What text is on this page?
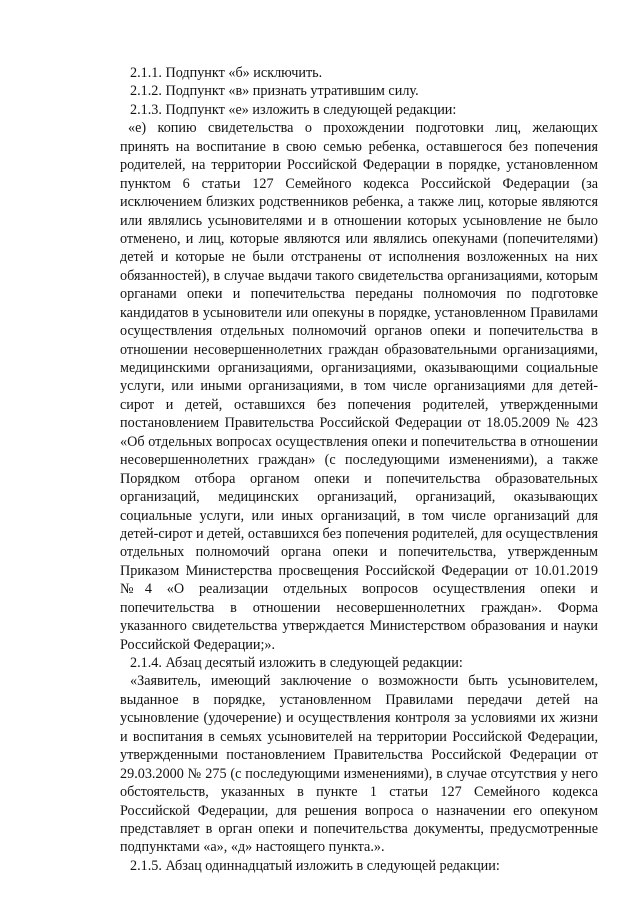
2.1.1. Подпункт «б» исключить.
2.1.2. Подпункт «в» признать утратившим силу.
2.1.3. Подпункт «е» изложить в следующей редакции:
«е) копию свидетельства о прохождении подготовки лиц, желающих
принять на воспитание в свою семью ребенка, оставшегося без попечения
родителей, на территории Российской Федерации в порядке, установленном
пунктом 6 статьи 127 Семейного кодекса Российской Федерации (за
исключением близких родственников ребенка, а также лиц, которые являются
или являлись усыновителями и в отношении которых усыновление не было
отменено, и лиц, которые являются или являлись опекунами (попечителями)
детей и которые не были отстранены от исполнения возложенных на них
обязанностей), в случае выдачи такого свидетельства организациями, которым
органами опеки и попечительства переданы полномочия по подготовке
кандидатов в усыновители или опекуны в порядке, установленном Правилами
осуществления отдельных полномочий органов опеки и попечительства в
отношении несовершеннолетних граждан образовательными организациями,
медицинскими организациями, организациями, оказывающими социальные
услуги, или иными организациями, в том числе организациями для детей-
сирот и детей, оставшихся без попечения родителей, утвержденными
постановлением Правительства Российской Федерации от 18.05.2009 № 423
«Об отдельных вопросах осуществления опеки и попечительства в отношении
несовершеннолетних граждан» (с последующими изменениями), а также
Порядком отбора органом опеки и попечительства образовательных
организаций, медицинских организаций, организаций, оказывающих
социальные услуги, или иных организаций, в том числе организаций для
детей-сирот и детей, оставшихся без попечения родителей, для осуществления
отдельных полномочий органа опеки и попечительства, утвержденным
Приказом Министерства просвещения Российской Федерации от 10.01.2019
№4 «О реализации отдельных вопросов осуществления опеки и
попечительства в отношении несовершеннолетних граждан». Форма
указанного свидетельства утверждается Министерством образования и науки
Российской Федерации;».
2.1.4. Абзац десятый изложить в следующей редакции:
«Заявитель, имеющий заключение о возможности быть усыновителем,
выданное в порядке, установленном Правилами передачи детей на
усыновление (удочерение) и осуществления контроля за условиями их жизни
и воспитания в семьях усыновителей на территории Российской Федерации,
утвержденными постановлением Правительства Российской Федерации от
29.03.2000 № 275 (с последующими изменениями), в случае отсутствия у него
обстоятельств, указанных в пункте 1 статьи 127 Семейного кодекса
Российской Федерации, для решения вопроса о назначении его опекуном
представляет в орган опеки и попечительства документы, предусмотренные
подпунктами «а», «д» настоящего пункта.».
2.1.5. Абзац одиннадцатый изложить в следующей редакции:
